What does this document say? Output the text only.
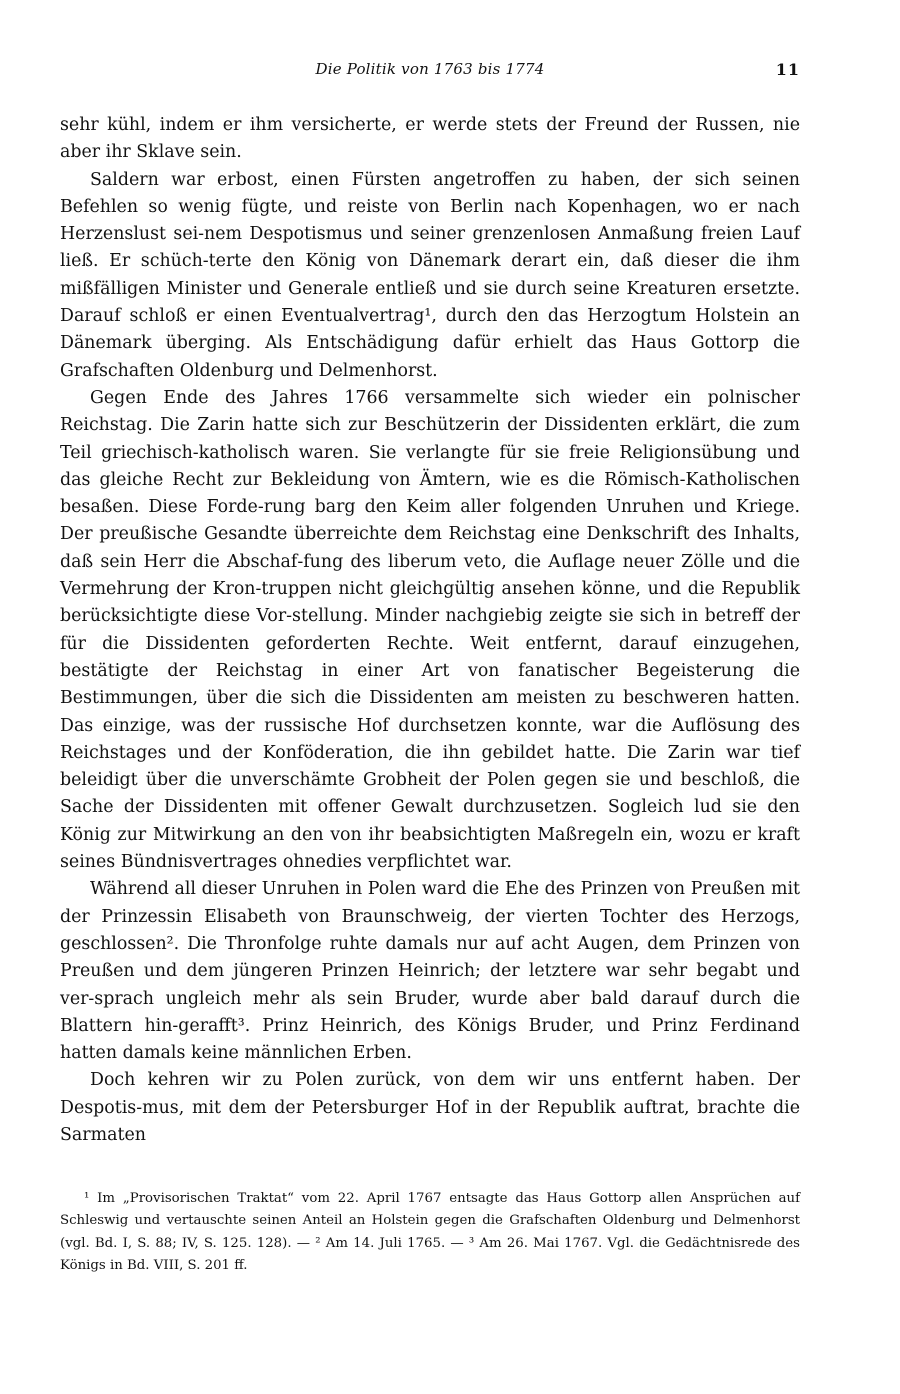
Die Politik von 1763 bis 1774	11

sehr kühl, indem er ihm versicherte, er werde stets der Freund der Russen, nie aber ihr Sklave sein.

Saldern war erbost, einen Fürsten angetroffen zu haben, der sich seinen Befehlen so wenig fügte, und reiste von Berlin nach Kopenhagen, wo er nach Herzenslust sei‐nem Despotismus und seiner grenzenlosen Anmaßung freien Lauf ließ. Er schüch‐terte den König von Dänemark derart ein, daß dieser die ihm mißfälligen Minister und Generale entließ und sie durch seine Kreaturen ersetzte. Darauf schloß er einen Eventualvertrag¹, durch den das Herzogtum Holstein an Dänemark überging. Als Entschädigung dafür erhielt das Haus Gottorp die Grafschaften Oldenburg und Delmenhorst.

Gegen Ende des Jahres 1766 versammelte sich wieder ein polnischer Reichstag. Die Zarin hatte sich zur Beschützerin der Dissidenten erklärt, die zum Teil griechisch‐katholisch waren. Sie verlangte für sie freie Religionsübung und das gleiche Recht zur Bekleidung von Ämtern, wie es die Römisch‐Katholischen besaßen. Diese Forde‐rung barg den Keim aller folgenden Unruhen und Kriege. Der preußische Gesandte überreichte dem Reichstag eine Denkschrift des Inhalts, daß sein Herr die Abschaf‐fung des liberum veto, die Auflage neuer Zölle und die Vermehrung der Kron‐truppen nicht gleichgültig ansehen könne, und die Republik berücksichtigte diese Vor‐stellung. Minder nachgiebig zeigte sie sich in betreff der für die Dissidenten geforderten Rechte. Weit entfernt, darauf einzugehen, bestätigte der Reichstag in einer Art von fanatischer Begeisterung die Bestimmungen, über die sich die Dissidenten am meisten zu beschweren hatten. Das einzige, was der russische Hof durchsetzen konnte, war die Auflösung des Reichstages und der Konföderation, die ihn gebildet hatte. Die Zarin war tief beleidigt über die unverschämte Grobheit der Polen gegen sie und beschloß, die Sache der Dissidenten mit offener Gewalt durchzusetzen. Sogleich lud sie den König zur Mitwirkung an den von ihr beabsichtigten Maßregeln ein, wozu er kraft seines Bündnisvertrages ohnedies verpflichtet war.

Während all dieser Unruhen in Polen ward die Ehe des Prinzen von Preußen mit der Prinzessin Elisabeth von Braunschweig, der vierten Tochter des Herzogs, geschlossen². Die Thronfolge ruhte damals nur auf acht Augen, dem Prinzen von Preußen und dem jüngeren Prinzen Heinrich; der letztere war sehr begabt und ver‐sprach ungleich mehr als sein Bruder, wurde aber bald darauf durch die Blattern hin‐gerafft³. Prinz Heinrich, des Königs Bruder, und Prinz Ferdinand hatten damals keine männlichen Erben.

Doch kehren wir zu Polen zurück, von dem wir uns entfernt haben. Der Despotis‐mus, mit dem der Petersburger Hof in der Republik auftrat, brachte die Sarmaten

¹ Im „Provisorischen Traktat“ vom 22. April 1767 entsagte das Haus Gottorp allen Ansprüchen auf Schleswig und vertauschte seinen Anteil an Holstein gegen die Grafschaften Oldenburg und Delmenhorst (vgl. Bd. I, S. 88; IV, S. 125. 128). — ² Am 14. Juli 1765. — ³ Am 26. Mai 1767. Vgl. die Gedächtnisrede des Königs in Bd. VIII, S. 201 ff.
